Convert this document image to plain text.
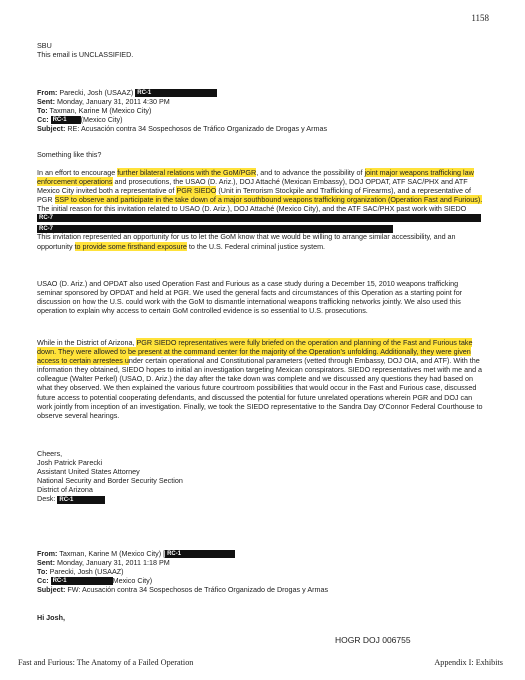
1158
SBU
This email is UNCLASSIFIED.
From: Parecki, Josh (USAAZ) RC-1
Sent: Monday, January 31, 2011 4:30 PM
To: Taxman, Karine M (Mexico City)
Cc: RC-1 (Mexico City)
Subject: RE: Acusación contra 34 Sospechosos de Tráfico Organizado de Drogas y Armas
Something like this?
In an effort to encourage further bilateral relations with the GoM/PGR, and to advance the possibility of joint major weapons trafficking law enforcement operations and prosecutions, the USAO (D. Ariz.), DOJ Attaché (Mexican Embassy), DOJ OPDAT, ATF SAC/PHX and ATF Mexico City invited both a representative of PGR SIEDO (Unit in Terrorism Stockpile and Trafficking of Firearms), and a representative of PGR SSP to observe and participate in the take down of a major southbound weapons trafficking organization (Operation Fast and Furious). The initial reason for this invitation related to USAO (D. Ariz.), DOJ Attaché (Mexico City), and the ATF SAC/PHX past work with SIEDO
RC-7
RC-7
This invitation represented an opportunity for us to let the GoM know that we would be willing to arrange similar accessibility, and an opportunity to provide some firsthand exposure to the U.S. Federal criminal justice system.
USAO (D. Ariz.) and OPDAT also used Operation Fast and Furious as a case study during a December 15, 2010 weapons trafficking seminar sponsored by OPDAT and held at PGR. We used the general facts and circumstances of this Operation as a starting point for discussion on how the U.S. could work with the GoM to dismantle international weapons trafficking networks jointly. We also used this operation to explain why access to certain GoM controlled evidence is so essential to U.S. prosecutions.
While in the District of Arizona, PGR SIEDO representatives were fully briefed on the operation and planning of the Fast and Furious take down. They were allowed to be present at the command center for the majority of the Operation's unfolding. Additionally, they were given access to certain arrestees under certain operational and Constitutional parameters (vetted through Embassy, DOJ OIA, and ATF). With the information they obtained, SIEDO hopes to initial an investigation targeting Mexican conspirators. SIEDO representatives met with me and a colleague (Walter Perkel) (USAO, D. Ariz.) the day after the take down was complete and we discussed any questions they had based on what they observed. We then explained the various future courtroom possibilities that would occur in the Fast and Furious case, discussed future access to potential cooperating defendants, and discussed the potential for future unrelated operations wherein PGR and DOJ can work jointly from inception of an investigation. Finally, we took the SIEDO representative to the Sandra Day O'Connor Federal Courthouse to observe several hearings.
Cheers,
Josh Patrick Parecki
Assistant United States Attorney
National Security and Border Security Section
District of Arizona
Desk: RC-1
From: Taxman, Karine M (Mexico City) [ RC-1
Sent: Monday, January 31, 2011 1:18 PM
To: Parecki, Josh (USAAZ)
Cc: RC-1	Mexico City)
Subject: FW: Acusación contra 34 Sospechosos de Tráfico Organizado de Drogas y Armas
Hi Josh,
HOGR DOJ 006755
Fast and Furious: The Anatomy of a Failed Operation	Appendix I: Exhibits
